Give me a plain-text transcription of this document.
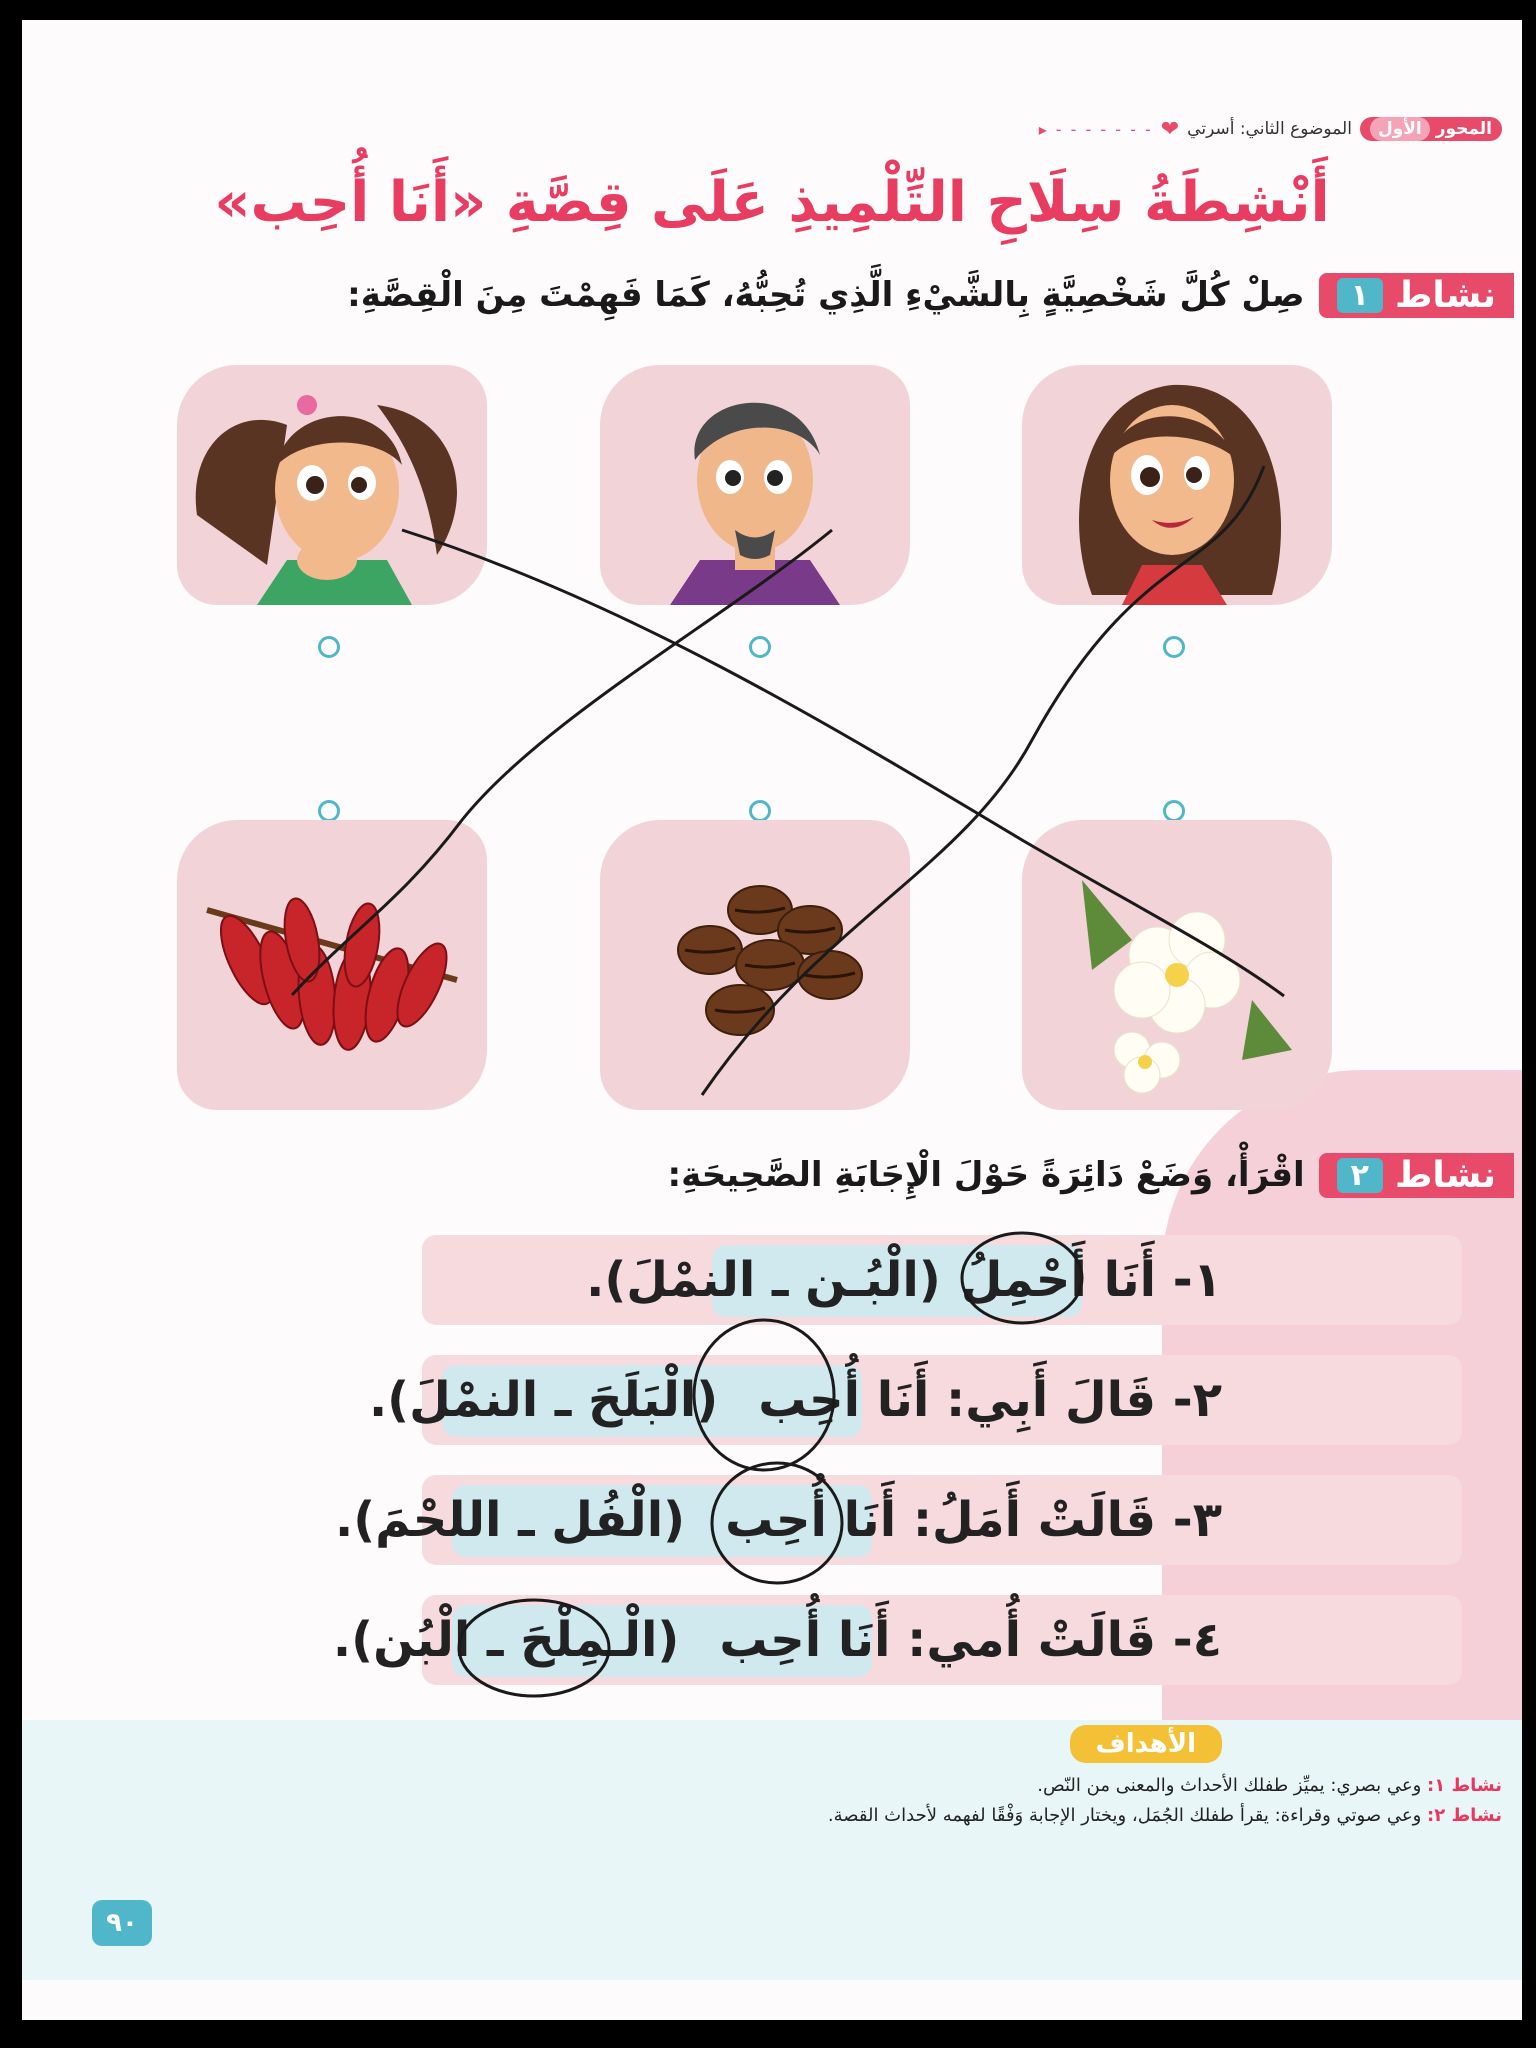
المحور الأول
الموضوع الثاني: أسرتي
❤
- - - - - - - ▸
أَنْشِطَةُ سِلَاحِ التِّلْمِيذِ عَلَى قِصَّةِ «أَنَا أُحِب»
نشاط
١
صِلْ كُلَّ شَخْصِيَّةٍ بِالشَّيْءِ الَّذِي تُحِبُّهُ، كَمَا فَهِمْتَ مِنَ الْقِصَّةِ:
نشاط
٢
اقْرَأْ، وَضَعْ دَائِرَةً حَوْلَ الْإِجَابَةِ الصَّحِيحَةِ:
١- أَنَا أَحْمِلُ
(الْبُـن ـ النمْلَ).
٢- قَالَ أَبِي: أَنَا أُحِب
(الْبَلَحَ ـ النمْلَ).
٣- قَالَتْ أَمَلُ: أَنَا أُحِب
(الْفُل ـ اللحْمَ).
٤- قَالَتْ أُمي: أَنَا أُحِب
(الْـمِلْحَ ـ الْبُن).
الأهداف
نشاط ١: وعي بصري: يميِّز طفلك الأحداث والمعنى من النّص.
نشاط ٢: وعي صوتي وقراءة: يقرأ طفلك الجُمَل، ويختار الإجابة وَفْقًا لفهمه لأحداث القصة.
٩٠
